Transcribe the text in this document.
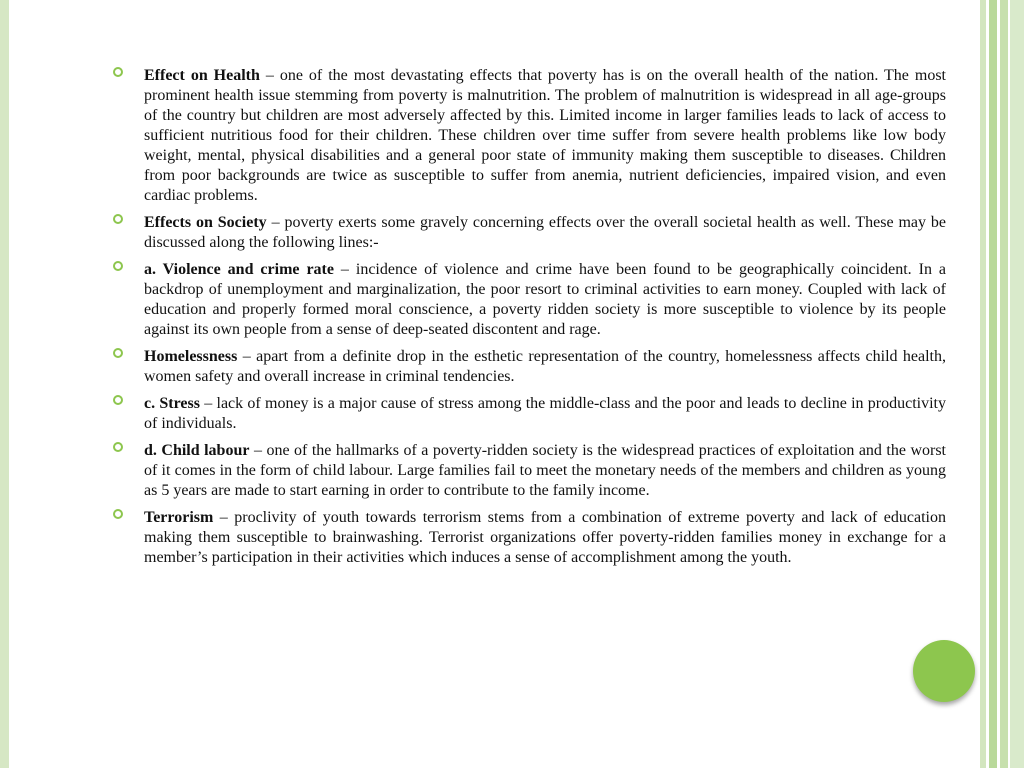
Effect on Health – one of the most devastating effects that poverty has is on the overall health of the nation. The most prominent health issue stemming from poverty is malnutrition. The problem of malnutrition is widespread in all age-groups of the country but children are most adversely affected by this. Limited income in larger families leads to lack of access to sufficient nutritious food for their children. These children over time suffer from severe health problems like low body weight, mental, physical disabilities and a general poor state of immunity making them susceptible to diseases. Children from poor backgrounds are twice as susceptible to suffer from anemia, nutrient deficiencies, impaired vision, and even cardiac problems.
Effects on Society – poverty exerts some gravely concerning effects over the overall societal health as well. These may be discussed along the following lines:-
a. Violence and crime rate – incidence of violence and crime have been found to be geographically coincident. In a backdrop of unemployment and marginalization, the poor resort to criminal activities to earn money. Coupled with lack of education and properly formed moral conscience, a poverty ridden society is more susceptible to violence by its people against its own people from a sense of deep-seated discontent and rage.
Homelessness – apart from a definite drop in the esthetic representation of the country, homelessness affects child health, women safety and overall increase in criminal tendencies.
c. Stress – lack of money is a major cause of stress among the middle-class and the poor and leads to decline in productivity of individuals.
d. Child labour – one of the hallmarks of a poverty-ridden society is the widespread practices of exploitation and the worst of it comes in the form of child labour. Large families fail to meet the monetary needs of the members and children as young as 5 years are made to start earning in order to contribute to the family income.
Terrorism – proclivity of youth towards terrorism stems from a combination of extreme poverty and lack of education making them susceptible to brainwashing. Terrorist organizations offer poverty-ridden families money in exchange for a member’s participation in their activities which induces a sense of accomplishment among the youth.
